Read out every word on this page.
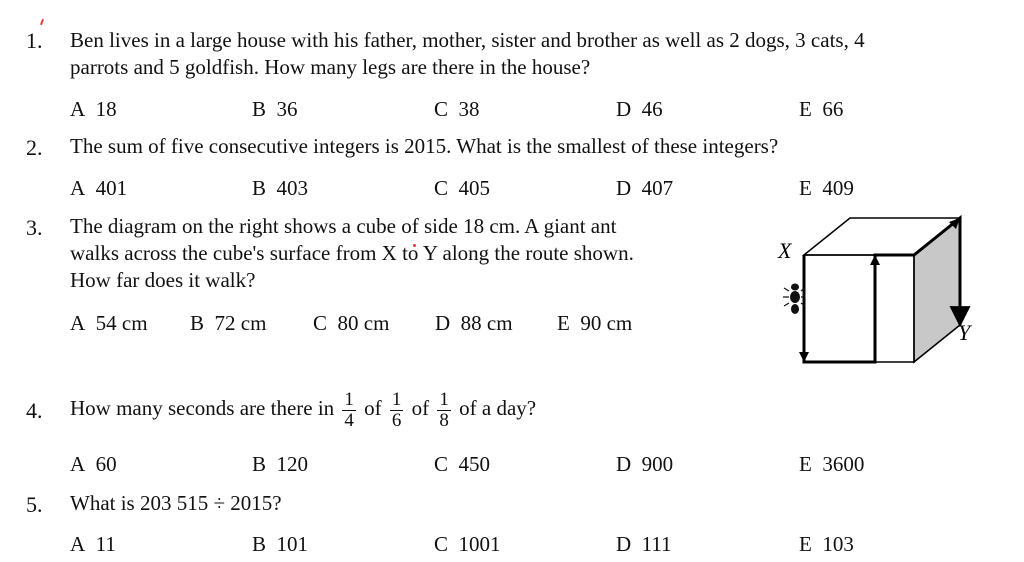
1. Ben lives in a large house with his father, mother, sister and brother as well as 2 dogs, 3 cats, 4
parrots and 5 goldfish. How many legs are there in the house?
A 18	B 36	C 38	D 46	E 66
2. The sum of five consecutive integers is 2015. What is the smallest of these integers?
A 401	B 403	C 405	D 407	E 409
3. The diagram on the right shows a cube of side 18 cm. A giant ant
walks across the cube's surface from X to Y along the route shown.
How far does it walk?
A 54 cm B 72 cm C 80 cm D 88 cm E 90 cm
X
Y
4. How many seconds are there in $\frac{1}{4}$ of $\frac{1}{6}$ of $\frac{1}{8}$ of a day?
A 60	B 120	C 450	D 900	E 3600
5. What is 203 515 ÷ 2015?
A 11	B 101	C 1001	D 111	E 103
